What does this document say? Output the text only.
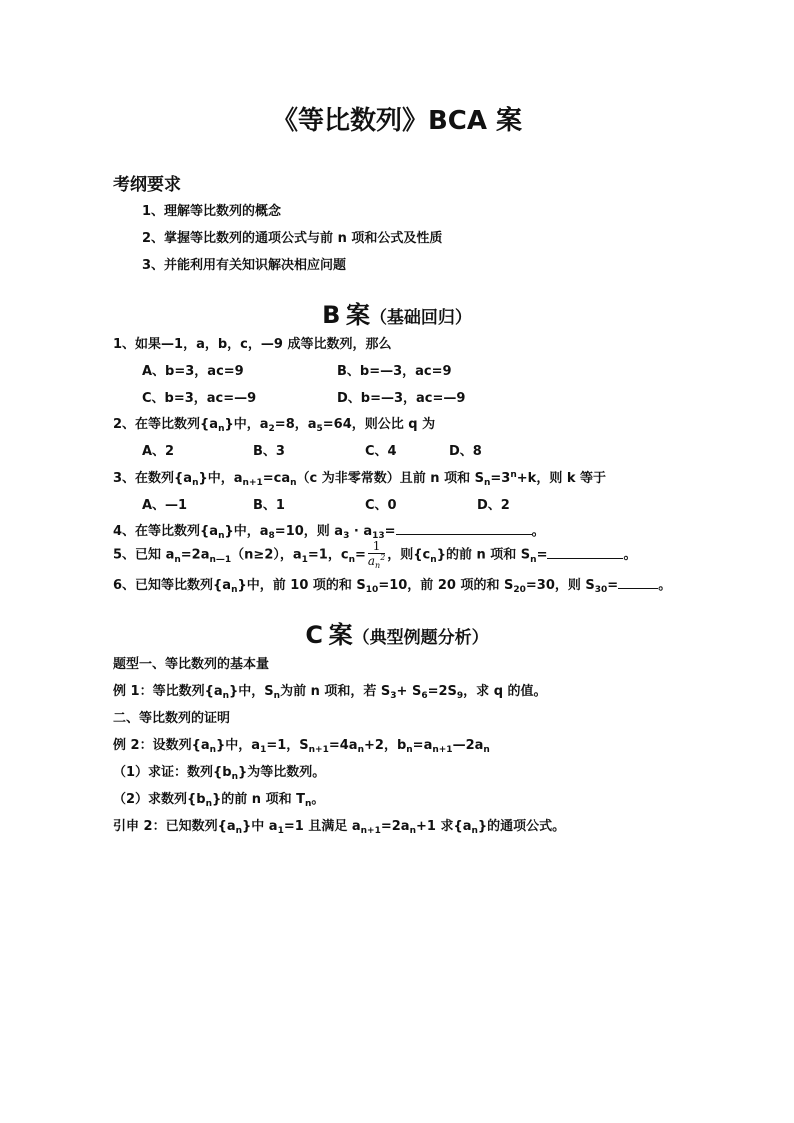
《等比数列》BCA 案
考纲要求
1、理解等比数列的概念
2、掌握等比数列的通项公式与前 n 项和公式及性质
3、并能利用有关知识解决相应问题
B 案（基础回归）
1、如果—1，a，b，c，—9 成等比数列，那么
A、b=3，ac=9	B、b=—3，ac=9
C、b=3，ac=—9	D、b=—3，ac=—9
2、在等比数列$\{a_n\}$中，$a_2=8$，$a_5=64$，则公比 q 为
A、2	B、3	C、4	D、8
3、在数列$\{a_n\}$中，$a_{n+1}=ca_n(c$ 为非零常数）且前 n 项和 $S_n=3^n+k$，则 k 等于
A、—1	B、1	C、0	D、2
4、在等比数列$\{a_n\}$中，$a_8=10$，则 $a_3 \cdot a_{13}=$	。
5、已知 $a_n=2a_{n—1}(n\ge 2)$，$a_1=1$，$c_n= \frac{1}{a_n^2}$ ，则$\{c_n\}$的前 n 项和 $S_n=$	。
6、已知等比数列$\{a_n\}$中，前 10 项的和 $S_{10}=10$，前 20 项的和 $S_{20}=30$，则 $S_{30}=$	。
C 案（典型例题分析）
题型一、等比数列的基本量
例 1：等比数列$\{a_n\}$中，$S_n$为前 n 项和，若 $S_3+ S_6=2S_9$，求 q 的值。
二、等比数列的证明
例 2：设数列$\{a_n\}$中，$a_1=1$，$S_{n+1}=4a_n+2$，$b_n=a_{n+1}—2a_n$
（1）求证：数列$\{b_n\}$为等比数列。
（2）求数列$\{b_n\}$的前 n 项和 $T_n$。
引申 2：已知数列$\{a_n\}$中 $a_1=1$ 且满足 $a_{n+1}=2a_n+1$ 求$\{a_n\}$的通项公式。
